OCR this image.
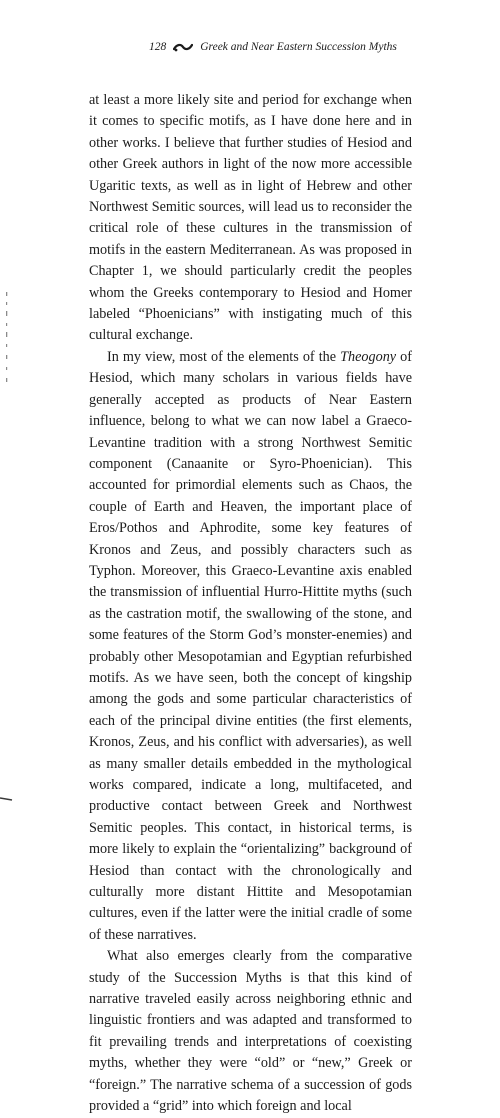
128	Greek and Near Eastern Succession Myths

at least a more likely site and period for exchange when it comes to specific motifs, as I have done here and in other works. I believe that further studies of Hesiod and other Greek authors in light of the now more accessible Ugaritic texts, as well as in light of Hebrew and other Northwest Semitic sources, will lead us to reconsider the critical role of these cultures in the transmission of motifs in the eastern Mediterranean. As was proposed in Chapter 1, we should particularly credit the peoples whom the Greeks contemporary to Hesiod and Homer labeled “Phoenicians” with instigating much of this cultural exchange.

In my view, most of the elements of the Theogony of Hesiod, which many scholars in various fields have generally accepted as products of Near Eastern influence, belong to what we can now label a Graeco-Levantine tradition with a strong Northwest Semitic component (Canaanite or Syro-Phoenician). This accounted for primordial elements such as Chaos, the couple of Earth and Heaven, the important place of Eros/Pothos and Aphrodite, some key features of Kronos and Zeus, and possibly characters such as Typhon. Moreover, this Graeco-Levantine axis enabled the transmission of influential Hurro-Hittite myths (such as the castration motif, the swallowing of the stone, and some features of the Storm God’s monster-enemies) and probably other Mesopotamian and Egyptian refurbished motifs. As we have seen, both the concept of kingship among the gods and some particular characteristics of each of the principal divine entities (the first elements, Kronos, Zeus, and his conflict with adversaries), as well as many smaller details embedded in the mythological works compared, indicate a long, multifaceted, and productive contact between Greek and Northwest Semitic peoples. This contact, in historical terms, is more likely to explain the “orientalizing” background of Hesiod than contact with the chronologically and culturally more distant Hittite and Mesopotamian cultures, even if the latter were the initial cradle of some of these narratives.

What also emerges clearly from the comparative study of the Succession Myths is that this kind of narrative traveled easily across neighboring ethnic and linguistic frontiers and was adapted and transformed to fit prevailing trends and interpretations of coexisting myths, whether they were “old” or “new,” Greek or “foreign.” The narrative schema of a succession of gods provided a “grid” into which foreign and local
